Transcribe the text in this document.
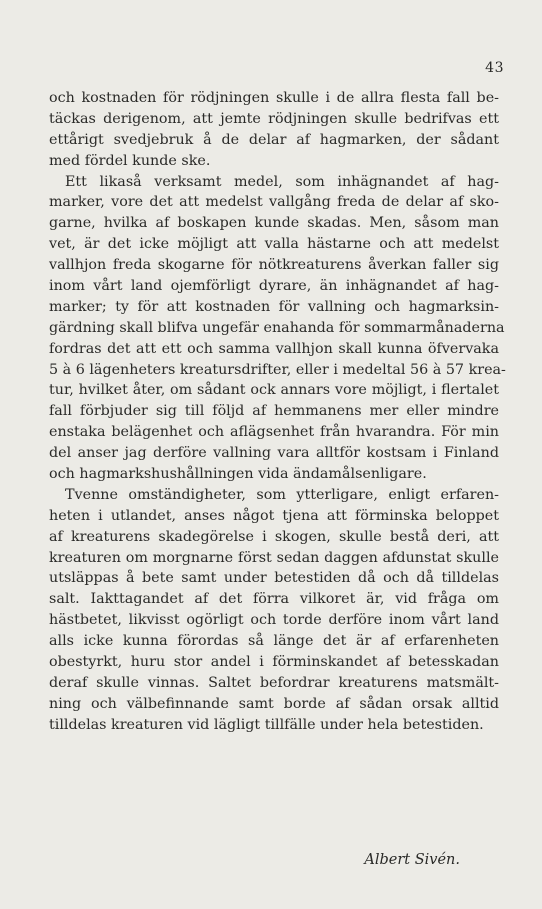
43
och kostnaden för rödjningen skulle i de allra flesta fall be-
täckas derigenom, att jemte rödjningen skulle bedrifvas ett
ettårigt svedjebruk å de delar af hagmarken, der sådant
med fördel kunde ske.
Ett likaså verksamt medel, som inhägnandet af hag-
marker, vore det att medelst vallgång freda de delar af sko-
garne, hvilka af boskapen kunde skadas. Men, såsom man
vet, är det icke möjligt att valla hästarne och att medelst
vallhjon freda skogarne för nötkreaturens åverkan faller sig
inom vårt land ojemförligt dyrare, än inhägnandet af hag-
marker; ty för att kostnaden för vallning och hagmarksin-
gärdning skall blifva ungefär enahanda för sommarmånaderna
fordras det att ett och samma vallhjon skall kunna öfvervaka
5 à 6 lägenheters kreatursdrifter, eller i medeltal 56 à 57 krea-
tur, hvilket åter, om sådant ock annars vore möjligt, i flertalet
fall förbjuder sig till följd af hemmanens mer eller mindre
enstaka belägenhet och aflägsenhet från hvarandra. För min
del anser jag derföre vallning vara alltför kostsam i Finland
och hagmarkshushållningen vida ändamålsenligare.
Tvenne omständigheter, som ytterligare, enligt erfaren-
heten i utlandet, anses något tjena att förminska beloppet
af kreaturens skadegörelse i skogen, skulle bestå deri, att
kreaturen om morgnarne först sedan daggen afdunstat skulle
utsläppas å bete samt under betestiden då och då tilldelas
salt. Iakttagandet af det förra vilkoret är, vid fråga om
hästbetet, likvisst ogörligt och torde derföre inom vårt land
alls icke kunna förordas så länge det är af erfarenheten
obestyrkt, huru stor andel i förminskandet af betesskadan
deraf skulle vinnas. Saltet befordrar kreaturens matsmält-
ning och välbefinnande samt borde af sådan orsak alltid
tilldelas kreaturen vid lägligt tillfälle under hela betestiden.
Albert Sivén.
